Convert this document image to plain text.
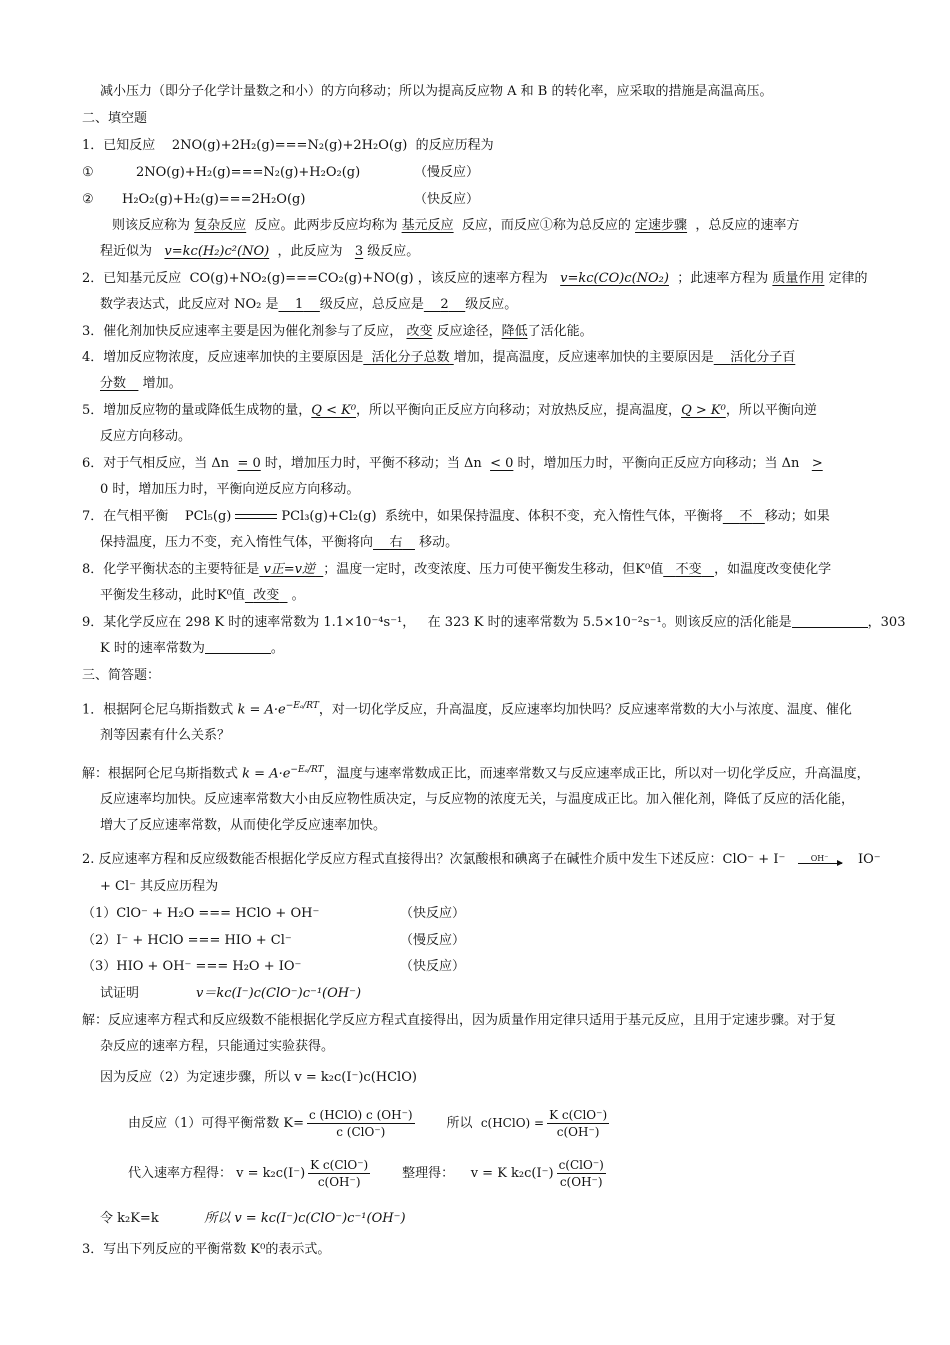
减小压力（即分子化学计量数之和小）的方向移动；所以为提高反应物 A 和 B 的转化率，应采取的措施是高温高压。
二、填空题
1．已知反应 2NO(g)+2H₂(g)===N₂(g)+2H₂O(g) 的反应历程为
①	2NO(g)+H₂(g)===N₂(g)+H₂O₂(g)	（慢反应）
② H₂O₂(g)+H₂(g)===2H₂O(g)	（快反应）
则该反应称为 复杂反应 反应。此两步反应均称为 基元反应 反应，而反应①称为总反应的 定速步骤 ，总反应的速率方
程近似为 v=kc(H₂)c²(NO) ，此反应为 3 级反应。
2．已知基元反应 CO(g)+NO₂(g)===CO₂(g)+NO(g) ，该反应的速率方程为 v=kc(CO)c(NO₂) ；此速率方程为 质量作用 定律的
数学表达式，此反应对 NO₂ 是 1 级反应，总反应是 2 级反应。
3．催化剂加快反应速率主要是因为催化剂参与了反应， 改变 反应途径，降低了活化能。
4．增加反应物浓度，反应速率加快的主要原因是 活化分子总数 增加，提高温度，反应速率加快的主要原因是 活化分子百
分数 增加。
5．增加反应物的量或降低生成物的量，Q < K⁰，所以平衡向正反应方向移动；对放热反应，提高温度，Q > K⁰，所以平衡向逆
反应方向移动。
6．对于气相反应，当 Δn = 0 时，增加压力时，平衡不移动；当 Δn < 0 时，增加压力时，平衡向正反应方向移动；当 Δn >
0 时，增加压力时，平衡向逆反应方向移动。
7．在气相平衡 PCl₅(g)	PCl₃(g)+Cl₂(g) 系统中，如果保持温度、体积不变，充入惰性气体，平衡将 不 移动；如果
保持温度，压力不变，充入惰性气体，平衡将向 右 移动。
8．化学平衡状态的主要特征是 v正=v逆 ；温度一定时，改变浓度、压力可使平衡发生移动，但K⁰值 不变 ，如温度改变使化学
平衡发生移动，此时K⁰值 改变 。
9．某化学反应在 298 K 时的速率常数为 1.1×10⁻⁴s⁻¹， 在 323 K 时的速率常数为 5.5×10⁻²s⁻¹。则该反应的活化能是	，303
K 时的速率常数为	。
三、简答题：
1．根据阿仑尼乌斯指数式 $k = A\cdot e^{-E_a/RT}$，对一切化学反应，升高温度，反应速率均加快吗？反应速率常数的大小与浓度、温度、催化
剂等因素有什么关系？
解：根据阿仑尼乌斯指数式 $k = A\cdot e^{-E_a/RT}$，温度与速率常数成正比，而速率常数又与反应速率成正比，所以对一切化学反应，升高温度，
反应速率均加快。反应速率常数大小由反应物性质决定，与反应物的浓度无关，与温度成正比。加入催化剂，降低了反应的活化能，
增大了反应速率常数，从而使化学反应速率加快。
2. 反应速率方程和反应级数能否根据化学反应方程式直接得出？次氯酸根和碘离子在碱性介质中发生下述反应：ClO⁻ + I⁻	OH⁻ IO⁻
+ Cl⁻ 其反应历程为
（1）ClO⁻ + H₂O === HClO + OH⁻	（快反应）
（2）I⁻ + HClO === HIO + Cl⁻	（慢反应）
（3）HIO + OH⁻ === H₂O + IO⁻	（快反应）
试证明	v＝kc(I⁻)c(ClO⁻)c⁻¹(OH⁻)
解：反应速率方程式和反应级数不能根据化学反应方程式直接得出，因为质量作用定律只适用于基元反应，且用于定速步骤。对于复
杂反应的速率方程，只能通过实验获得。
因为反应（2）为定速步骤，所以 v = k₂c(I⁻)c(HClO)
由反应（1）可得平衡常数 $K= \frac{\text{c (HClO) c (OH⁻)}}{\text{c (ClO⁻)}}$ 所以 c(HClO) = $\frac{\text{K c(ClO⁻)}}{c(OH^-)}$
代入速率方程得： $v = k_2c(I^-) \frac{\text{K c(ClO⁻)}}{c(OH^-)}$ 整理得： v = K $k_2c(I^-) \frac{\text{c(ClO⁻)}}{c(OH^-)}$
令 k₂K=k	所以 v = kc(I⁻)c(ClO⁻)c⁻¹(OH⁻)
3．写出下列反应的平衡常数 K⁰的表示式。
